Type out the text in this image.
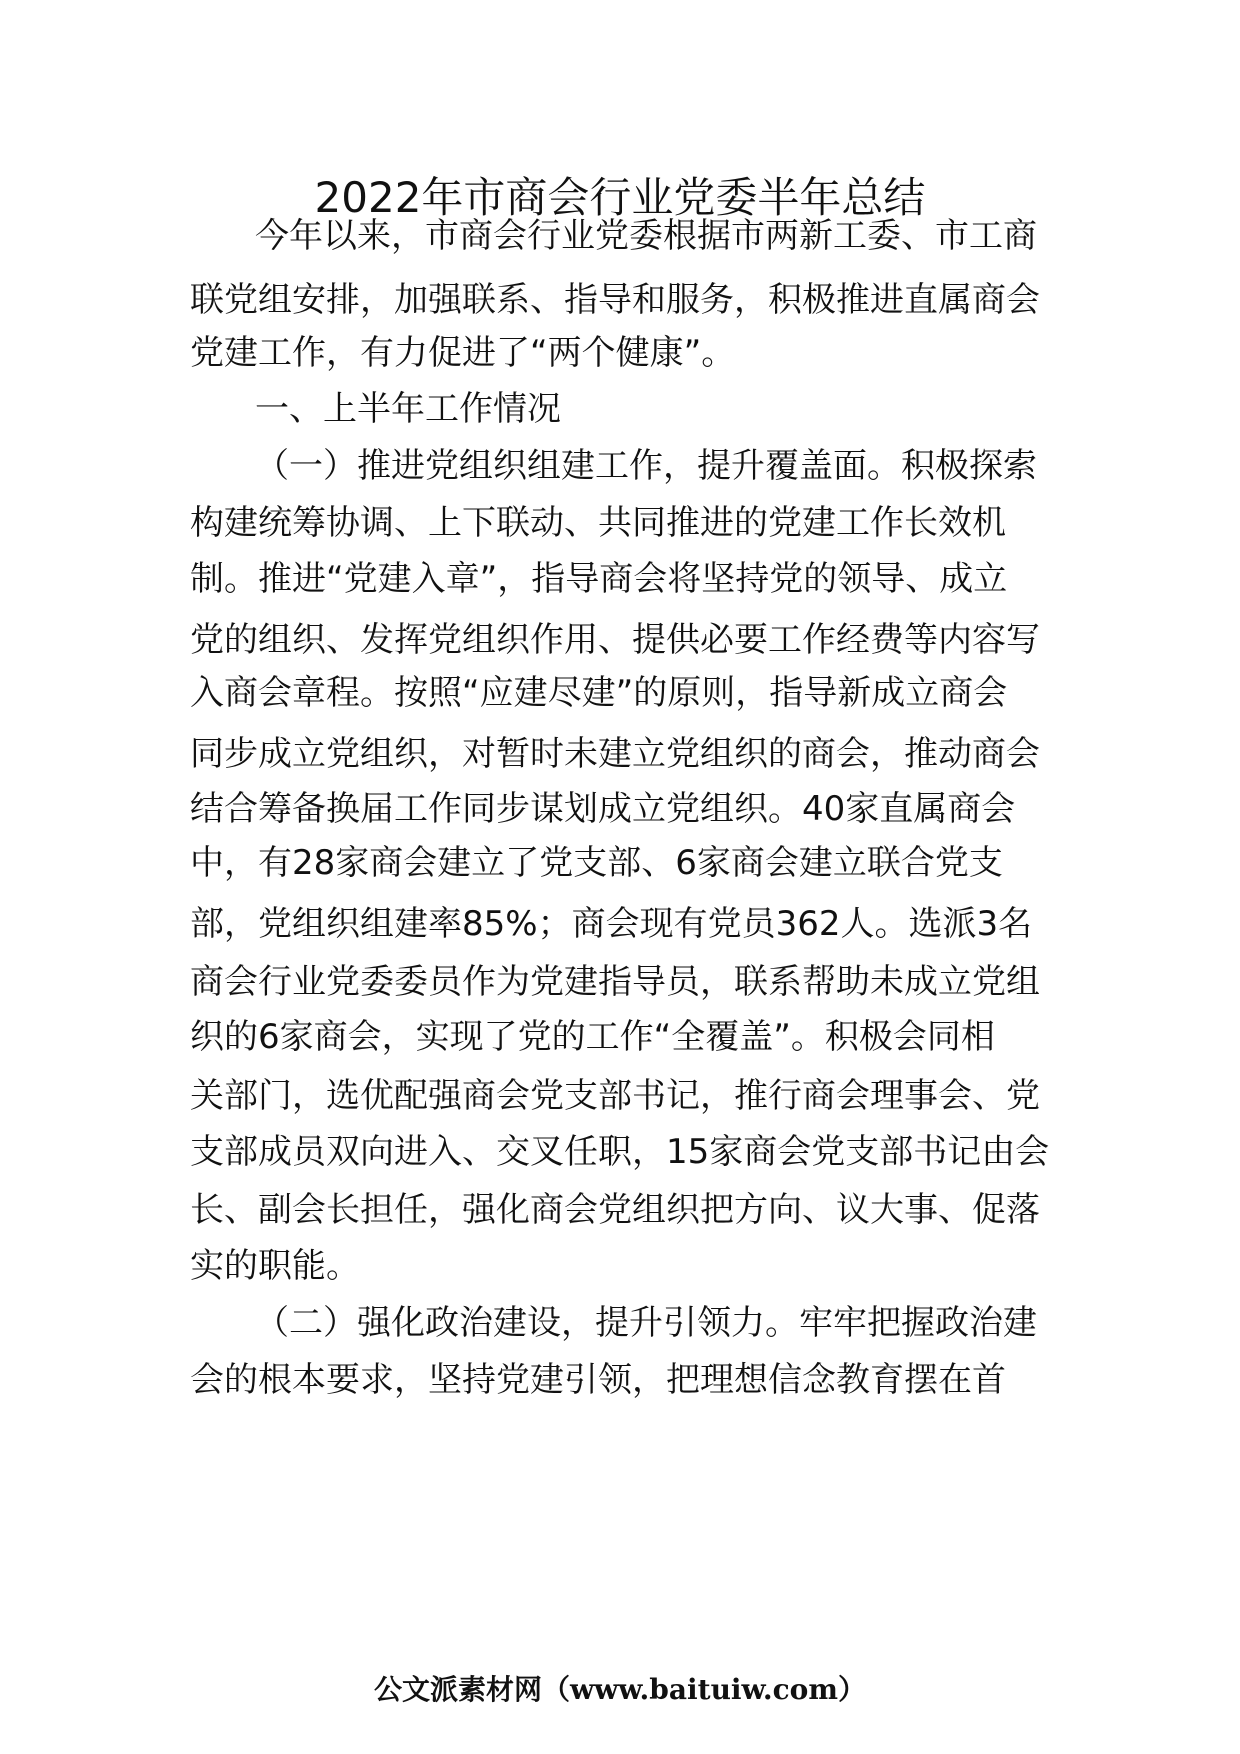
2022年市商会行业党委半年总结
今年以来，市商会行业党委根据市两新工委、市工商
联党组安排，加强联系、指导和服务，积极推进直属商会
党建工作，有力促进了“两个健康”。
一、上半年工作情况
（一）推进党组织组建工作，提升覆盖面。积极探索
构建统筹协调、上下联动、共同推进的党建工作长效机
制。推进“党建入章”，指导商会将坚持党的领导、成立
党的组织、发挥党组织作用、提供必要工作经费等内容写
入商会章程。按照“应建尽建”的原则，指导新成立商会
同步成立党组织，对暂时未建立党组织的商会，推动商会
结合筹备换届工作同步谋划成立党组织。40家直属商会
中，有28家商会建立了党支部、6家商会建立联合党支
部，党组织组建率85%；商会现有党员362人。选派3名
商会行业党委委员作为党建指导员，联系帮助未成立党组
织的6家商会，实现了党的工作“全覆盖”。积极会同相
关部门，选优配强商会党支部书记，推行商会理事会、党
支部成员双向进入、交叉任职，15家商会党支部书记由会
长、副会长担任，强化商会党组织把方向、议大事、促落
实的职能。
（二）强化政治建设，提升引领力。牢牢把握政治建
会的根本要求，坚持党建引领，把理想信念教育摆在首
公文派素材网（www.baituiw.com）
